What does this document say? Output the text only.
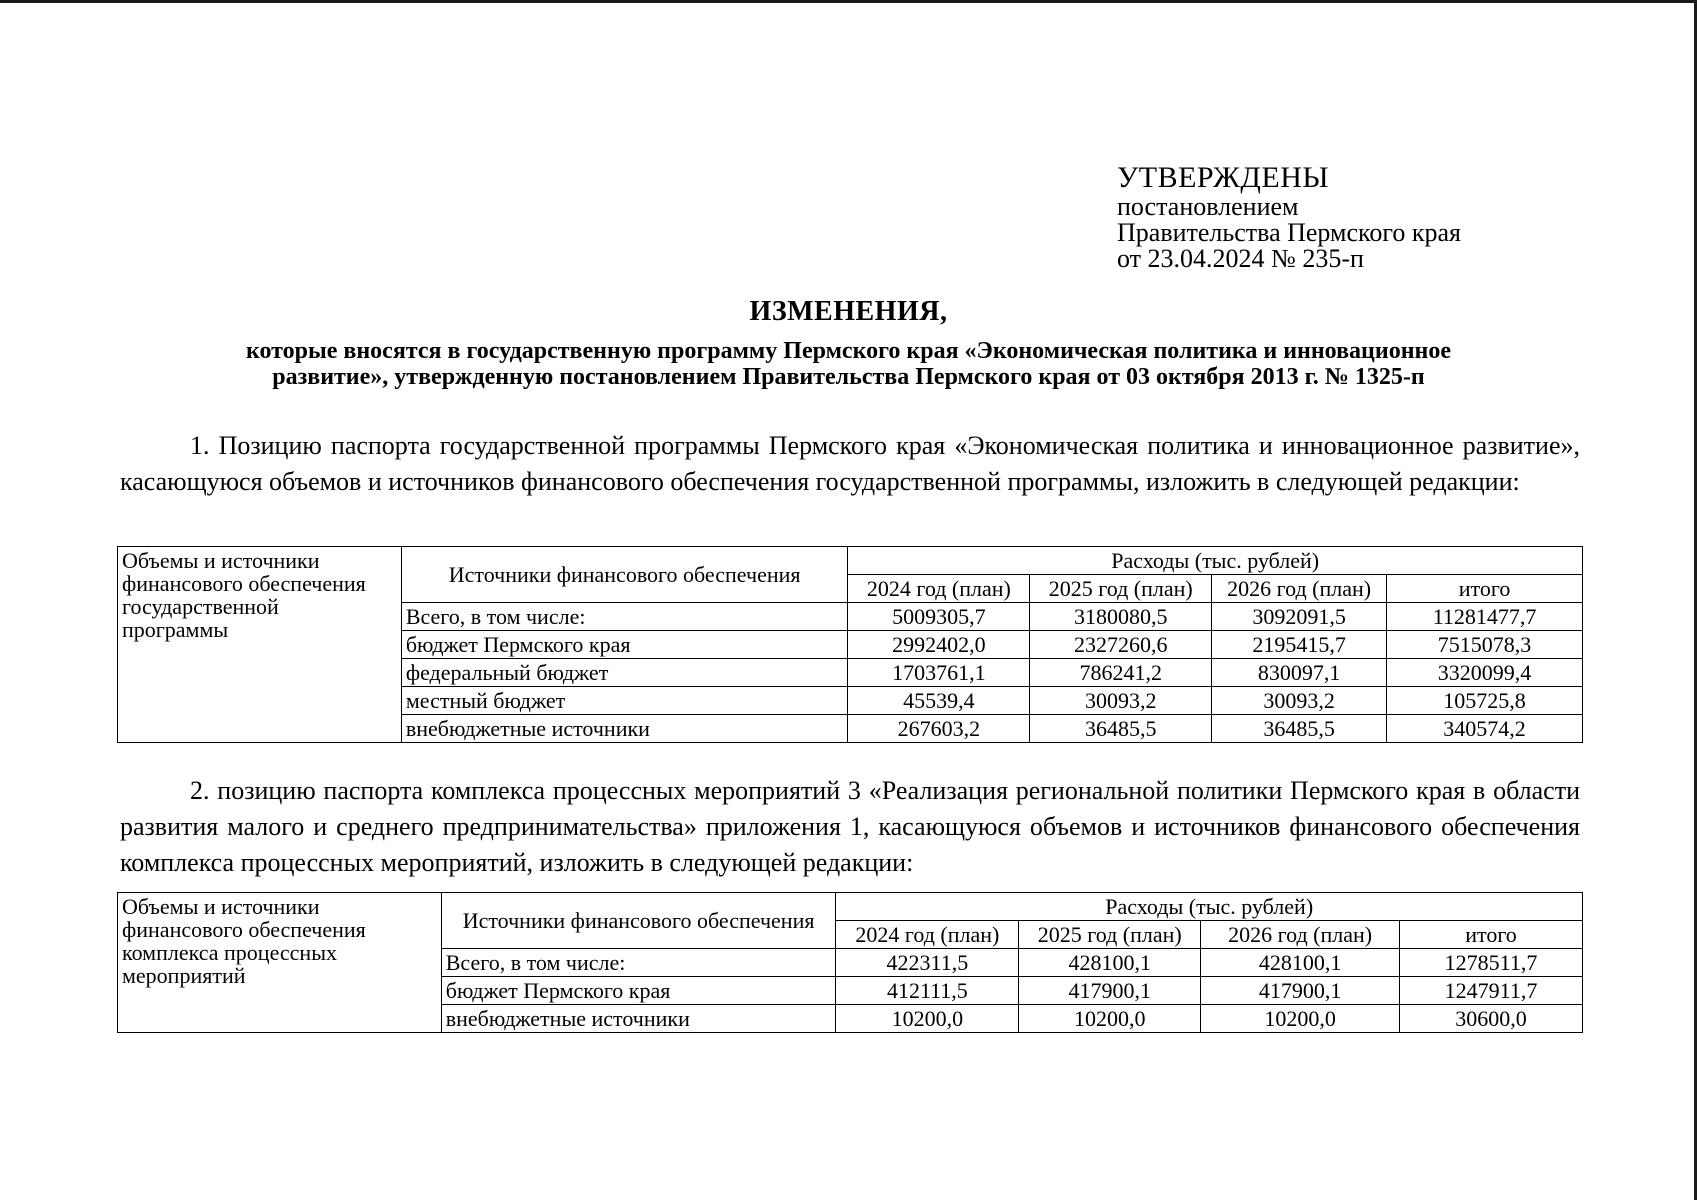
УТВЕРЖДЕНЫ
постановлением
Правительства Пермского края
от 23.04.2024 № 235-п
ИЗМЕНЕНИЯ,
которые вносятся в государственную программу Пермского края «Экономическая политика и инновационное
развитие», утвержденную постановлением Правительства Пермского края от 03 октября 2013 г. № 1325-п

1. Позицию паспорта государственной программы Пермского края «Экономическая политика и инновационное развитие», касающуюся объемов и источников финансового обеспечения государственной программы, изложить в следующей редакции:

Объемы и источники
финансового обеспечения
государственной
программы	Источники финансового обеспечения	Расходы (тыс. рублей)			
		2024 год (план)	2025 год (план)	2026 год (план)	итого
	Всего, в том числе:	5009305,7	3180080,5	3092091,5	11281477,7
	бюджет Пермского края	2992402,0	2327260,6	2195415,7	7515078,3
	федеральный бюджет	1703761,1	786241,2	830097,1	3320099,4
	местный бюджет	45539,4	30093,2	30093,2	105725,8
	внебюджетные источники	267603,2	36485,5	36485,5	340574,2

2. позицию паспорта комплекса процессных мероприятий 3 «Реализация региональной политики Пермского края в области развития малого и среднего предпринимательства» приложения 1, касающуюся объемов и источников финансового обеспечения комплекса процессных мероприятий, изложить в следующей редакции:

Объемы и источники
финансового обеспечения
комплекса процессных
мероприятий	Источники финансового обеспечения	Расходы (тыс. рублей)			
		2024 год (план)	2025 год (план)	2026 год (план)	итого
	Всего, в том числе:	422311,5	428100,1	428100,1	1278511,7
	бюджет Пермского края	412111,5	417900,1	417900,1	1247911,7
	внебюджетные источники	10200,0	10200,0	10200,0	30600,0
